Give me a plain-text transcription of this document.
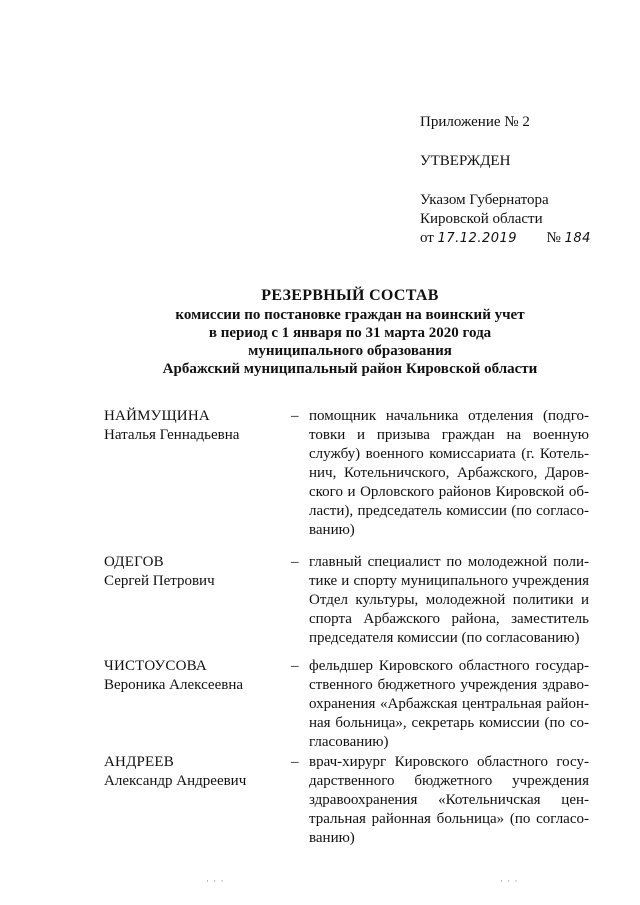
Приложение № 2
УТВЕРЖДЕН
Указом Губернатора
Кировской области
от 17.12.2019 № 184
РЕЗЕРВНЫЙ СОСТАВ
комиссии по постановке граждан на воинский учет
в период с 1 января по 31 марта 2020 года
муниципального образования
Арбажский муниципальный район Кировской области
НАЙМУЩИНА
Наталья Геннадьевна
– помощник начальника отделения (подго-
товки и призыва граждан на военную
службу) военного комиссариата (г. Котель-
нич, Котельничского, Арбажского, Даров-
ского и Орловского районов Кировской об-
ласти), председатель комиссии (по согласо-
ванию)
ОДЕГОВ
Сергей Петрович
– главный специалист по молодежной поли-
тике и спорту муниципального учреждения
Отдел культуры, молодежной политики и
спорта Арбажского района, заместитель
председателя комиссии (по согласованию)
ЧИСТОУСОВА
Вероника Алексеевна
– фельдшер Кировского областного государ-
ственного бюджетного учреждения здраво-
охранения «Арбажская центральная район-
ная больница», секретарь комиссии (по со-
гласованию)
АНДРЕЕВ
Александр Андреевич
– врач-хирург Кировского областного госу-
дарственного бюджетного учреждения
здравоохранения «Котельничская цен-
тральная районная больница» (по согласо-
ванию)
· · ·	· · ·
